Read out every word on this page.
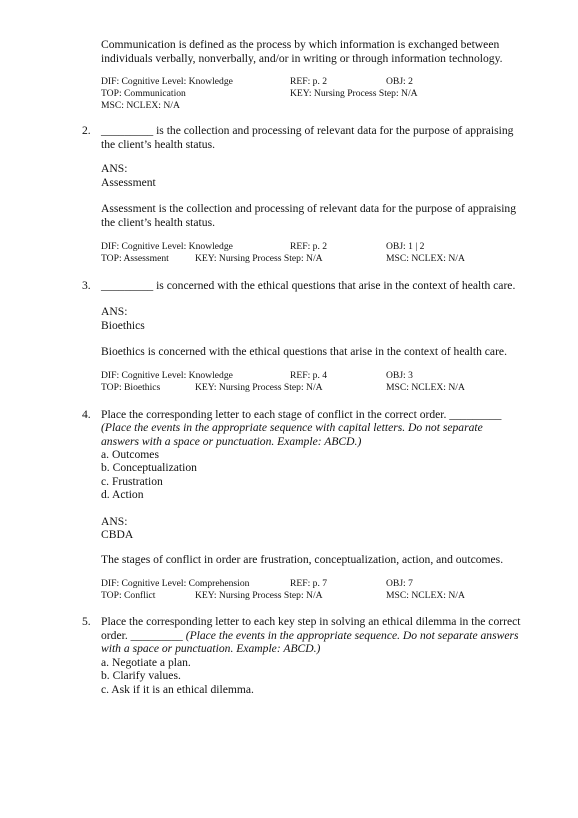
Communication is defined as the process by which information is exchanged between
individuals verbally, nonverbally, and/or in writing or through information technology.
DIF: Cognitive Level: Knowledge	REF: p. 2	OBJ: 2
TOP: Communication	KEY: Nursing Process Step: N/A
MSC: NCLEX: N/A
2. _________ is the collection and processing of relevant data for the purpose of appraising
the client’s health status.
ANS:
Assessment
Assessment is the collection and processing of relevant data for the purpose of appraising
the client’s health status.
DIF: Cognitive Level: Knowledge	REF: p. 2	OBJ: 1 | 2
TOP: Assessment	KEY: Nursing Process Step: N/A	MSC: NCLEX: N/A
3. _________ is concerned with the ethical questions that arise in the context of health care.
ANS:
Bioethics
Bioethics is concerned with the ethical questions that arise in the context of health care.
DIF: Cognitive Level: Knowledge	REF: p. 4	OBJ: 3
TOP: Bioethics	KEY: Nursing Process Step: N/A	MSC: NCLEX: N/A
4. Place the corresponding letter to each stage of conflict in the correct order. _________
(Place the events in the appropriate sequence with capital letters. Do not separate
answers with a space or punctuation. Example: ABCD.)
a. Outcomes
b. Conceptualization
c. Frustration
d. Action
ANS:
CBDA
The stages of conflict in order are frustration, conceptualization, action, and outcomes.
DIF: Cognitive Level: Comprehension	REF: p. 7	OBJ: 7
TOP: Conflict	KEY: Nursing Process Step: N/A	MSC: NCLEX: N/A
5. Place the corresponding letter to each key step in solving an ethical dilemma in the correct
order. _________ (Place the events in the appropriate sequence. Do not separate answers
with a space or punctuation. Example: ABCD.)
a. Negotiate a plan.
b. Clarify values.
c. Ask if it is an ethical dilemma.
